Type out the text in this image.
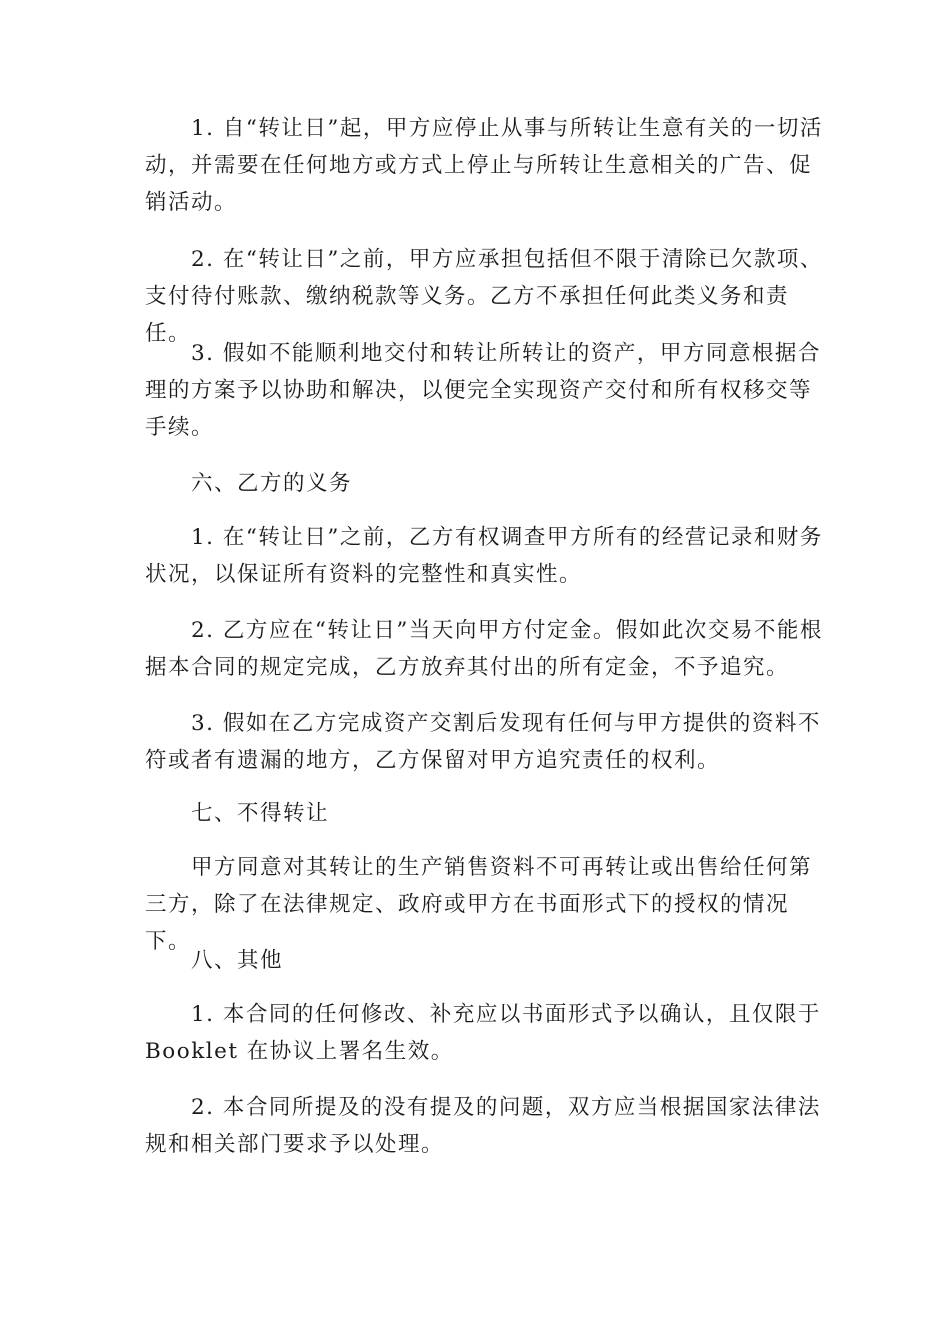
1. 自“转让日”起，甲方应停止从事与所转让生意有关的一切活动，并需要在任何地方或方式上停止与所转让生意相关的广告、促销活动。

2. 在“转让日”之前，甲方应承担包括但不限于清除已欠款项、支付待付账款、缴纳税款等义务。乙方不承担任何此类义务和责任。

3. 假如不能顺利地交付和转让所转让的资产，甲方同意根据合理的方案予以协助和解决，以便完全实现资产交付和所有权移交等手续。

六、乙方的义务

1. 在“转让日”之前，乙方有权调查甲方所有的经营记录和财务状况，以保证所有资料的完整性和真实性。

2. 乙方应在“转让日”当天向甲方付定金。假如此次交易不能根据本合同的规定完成，乙方放弃其付出的所有定金，不予追究。

3. 假如在乙方完成资产交割后发现有任何与甲方提供的资料不符或者有遗漏的地方，乙方保留对甲方追究责任的权利。

七、不得转让

甲方同意对其转让的生产销售资料不可再转让或出售给任何第三方，除了在法律规定、政府或甲方在书面形式下的授权的情况下。

八、其他

1. 本合同的任何修改、补充应以书面形式予以确认，且仅限于Booklet 在协议上署名生效。

2. 本合同所提及的没有提及的问题，双方应当根据国家法律法规和相关部门要求予以处理。
